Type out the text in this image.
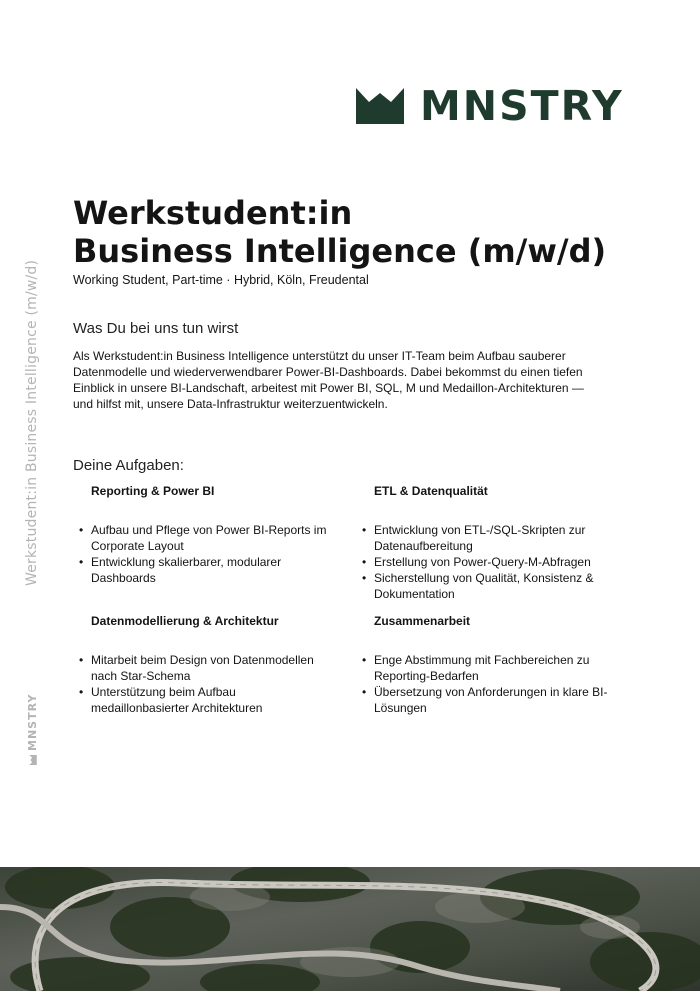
MNSTRY
Werkstudent:in Business Intelligence (m/w/d)
MNSTRY
Werkstudent:in
Business Intelligence (m/w/d)
Working Student, Part-time · Hybrid, Köln, Freudental
Was Du bei uns tun wirst
Als Werkstudent:in Business Intelligence unterstützt du unser IT-Team beim Aufbau sauberer
Datenmodelle und wiederverwendbarer Power-BI-Dashboards. Dabei bekommst du einen tiefen
Einblick in unsere BI-Landschaft, arbeitest mit Power BI, SQL, M und Medaillon-Architekturen —
und hilfst mit, unsere Data-Infrastruktur weiterzuentwickeln.
Deine Aufgaben:
Reporting & Power BI
• Aufbau und Pflege von Power BI-Reports im Corporate Layout
• Entwicklung skalierbarer, modularer Dashboards
ETL & Datenqualität
• Entwicklung von ETL-/SQL-Skripten zur Datenaufbereitung
• Erstellung von Power-Query-M-Abfragen
• Sicherstellung von Qualität, Konsistenz & Dokumentation
Datenmodellierung & Architektur
• Mitarbeit beim Design von Datenmodellen nach Star-Schema
• Unterstützung beim Aufbau medaillonbasierter Architekturen
Zusammenarbeit
• Enge Abstimmung mit Fachbereichen zu Reporting-Bedarfen
• Übersetzung von Anforderungen in klare BI-Lösungen
